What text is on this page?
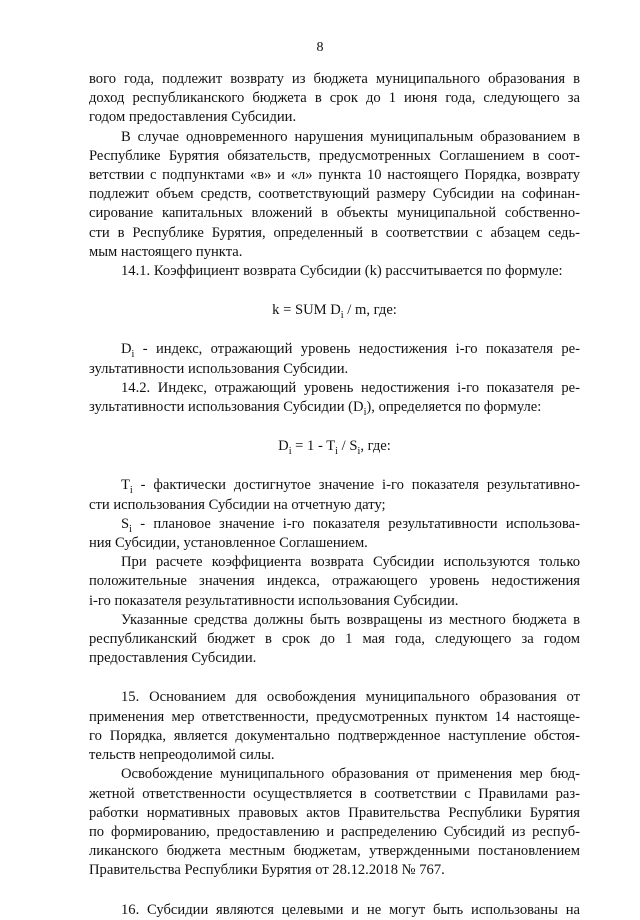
8
вого года, подлежит возврату из бюджета муниципального образования в
доход республиканского бюджета в срок до 1 июня года, следующего за
годом предоставления Субсидии.
В случае одновременного нарушения муниципальным образованием в
Республике Бурятия обязательств, предусмотренных Соглашением в соот-
ветствии с подпунктами «в» и «л» пункта 10 настоящего Порядка, возврату
подлежит объем средств, соответствующий размеру Субсидии на софинан-
сирование капитальных вложений в объекты муниципальной собственно-
сти в Республике Бурятия, определенный в соответствии с абзацем седь-
мым настоящего пункта.
14.1. Коэффициент возврата Субсидии (k) рассчитывается по формуле:
k = SUM $D_i$ / m, где:
$D_i$ - индекс, отражающий уровень недостижения i-го показателя ре-
зультативности использования Субсидии.
14.2. Индекс, отражающий уровень недостижения i-го показателя ре-
зультативности использования Субсидии $(D_i)$, определяется по формуле:
$D_i = 1 - T_i / S_i$, где:
$T_i$ - фактически достигнутое значение i-го показателя результативно-
сти использования Субсидии на отчетную дату;
$S_i$ - плановое значение i-го показателя результативности использова-
ния Субсидии, установленное Соглашением.
При расчете коэффициента возврата Субсидии используются только
положительные значения индекса, отражающего уровень недостижения
i-го показателя результативности использования Субсидии.
Указанные средства должны быть возвращены из местного бюджета в
республиканский бюджет в срок до 1 мая года, следующего за годом
предоставления Субсидии.
15. Основанием для освобождения муниципального образования от
применения мер ответственности, предусмотренных пунктом 14 настояще-
го Порядка, является документально подтвержденное наступление обстоя-
тельств непреодолимой силы.
Освобождение муниципального образования от применения мер бюд-
жетной ответственности осуществляется в соответствии с Правилами раз-
работки нормативных правовых актов Правительства Республики Бурятия
по формированию, предоставлению и распределению Субсидий из респуб-
ликанского бюджета местным бюджетам, утвержденными постановлением
Правительства Республики Бурятия от 28.12.2018 № 767.
16. Субсидии являются целевыми и не могут быть использованы на
